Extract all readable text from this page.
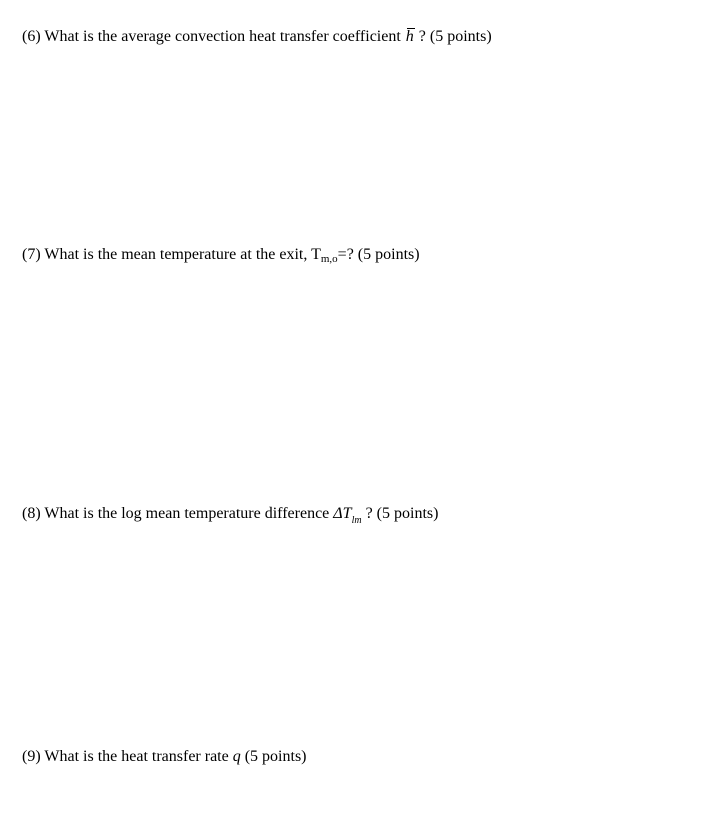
(6) What is the average convection heat transfer coefficient h ? (5 points)
(7) What is the mean temperature at the exit, Tm,o=? (5 points)
(8) What is the log mean temperature difference $\Delta T_{lm}$ ? (5 points)
(9) What is the heat transfer rate q (5 points)
